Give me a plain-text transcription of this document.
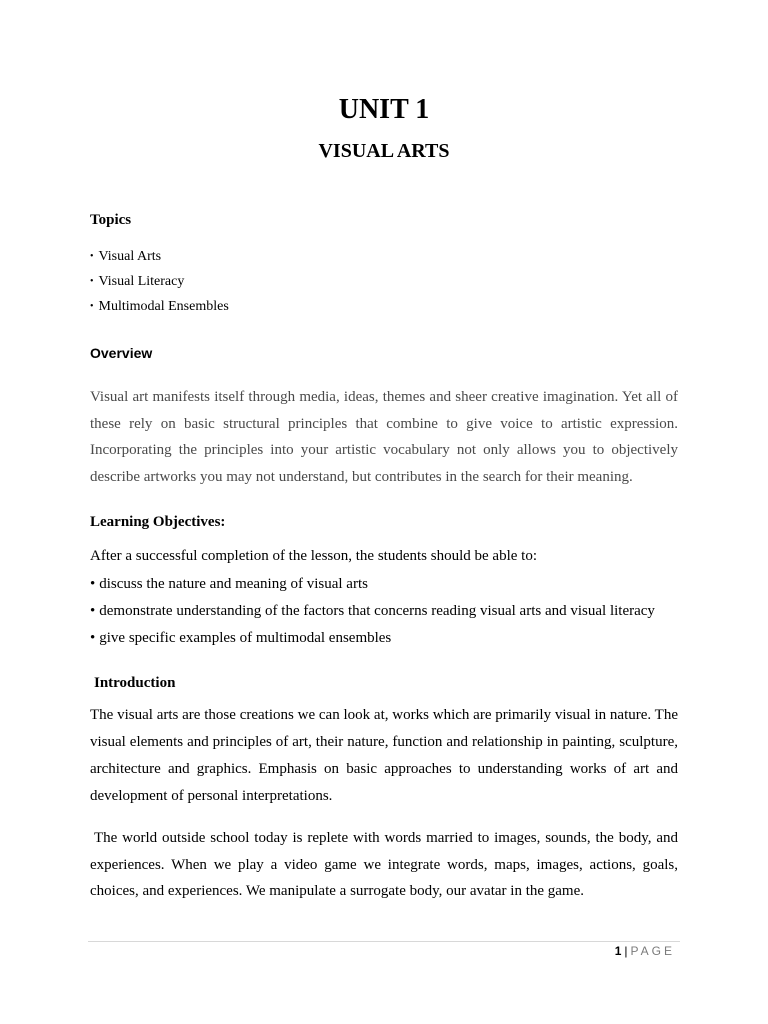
UNIT 1
VISUAL ARTS
Topics
• Visual Arts
• Visual Literacy
• Multimodal Ensembles
Overview

Visual art manifests itself through media, ideas, themes and sheer creative imagination. Yet all of these rely on basic structural principles that combine to give voice to artistic expression. Incorporating the principles into your artistic vocabulary not only allows you to objectively describe artworks you may not understand, but contributes in the search for their meaning.

Learning Objectives:
After a successful completion of the lesson, the students should be able to:
• discuss the nature and meaning of visual arts
• demonstrate understanding of the factors that concerns reading visual arts and visual literacy
• give specific examples of multimodal ensembles
Introduction

The visual arts are those creations we can look at, works which are primarily visual in nature. The visual elements and principles of art, their nature, function and relationship in painting, sculpture, architecture and graphics. Emphasis on basic approaches to understanding works of art and development of personal interpretations.

The world outside school today is replete with words married to images, sounds, the body, and experiences. When we play a video game we integrate words, maps, images, actions, goals, choices, and experiences. We manipulate a surrogate body, our avatar in the game.

1 | PAGE
